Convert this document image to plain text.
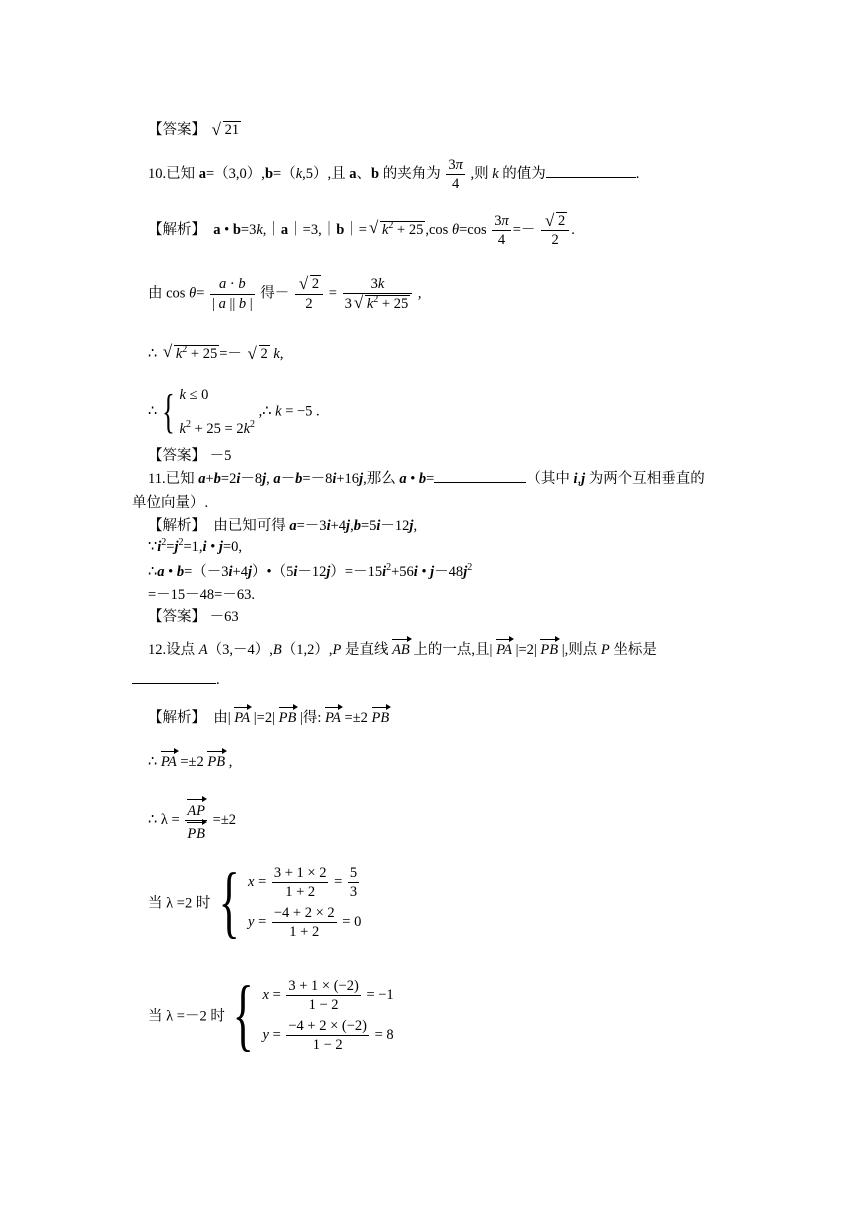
【答案】 √ 21
10.已知 a=（3,0）,b=（k,5）,且 a、b 的夹角为 $\frac{3\pi}{4}$ ,则 k 的值为	.
【解析】 a • b=3k,｜a｜=3,｜b｜= √ $k^2 + 25$ ,cos $\theta=\cos \frac{3\pi}{4}$ =－ √ $\frac{2}{2}$ .
由 $\cos \theta= \frac{a \cdot b}{| a || b |}$ 得－ √ $\frac{2}{2} = \frac{3k}{3 √ k^2 + 25}$ ,
∴ √ $k^2 + 25$ =－ √ 2 k,
∴ { k ≤ 0
$k^2 + 25 = 2k^2$
,∴ k = −5 .
【答案】 －5
11.已知 a+b=2i－8j, a－b=－8i+16j,那么 a • b=	（其中 i,j 为两个互相垂直的
单位向量）.
【解析】  由已知可得 a=－3i+4j,b=5i－12j,
$\because i^2=j^2=1,i$ • j=0,
∴a • $b=(-3i+4j)•(5i-12j)=-15i^2+56i$ • $j-48j^2$
=－15－48=－63.
【答案】 －63
12.设点 A（3,－4）,B（1,2）,P 是直线 AB 上的一点,且| PA |=2| PB |,则点 P 坐标是
.
【解析】  由| PA |=2| PB |得: PA =±2 PB
∴ PA =±2 PB ,
∴ $\lambda = \frac{AP}{PB} =\pm 2$
当 λ =2 时 { $x = \frac{3 + 1 \times 2}{1 + 2} = \frac{5}{3}$
$y = \frac{-4 + 2 \times 2}{1 + 2} = 0$
当 λ =－2 时 { $x = \frac{3 + 1 \times (-2)}{1 - 2} = -1$
$y = \frac{-4 + 2 \times (-2)}{1 - 2} = 8$
